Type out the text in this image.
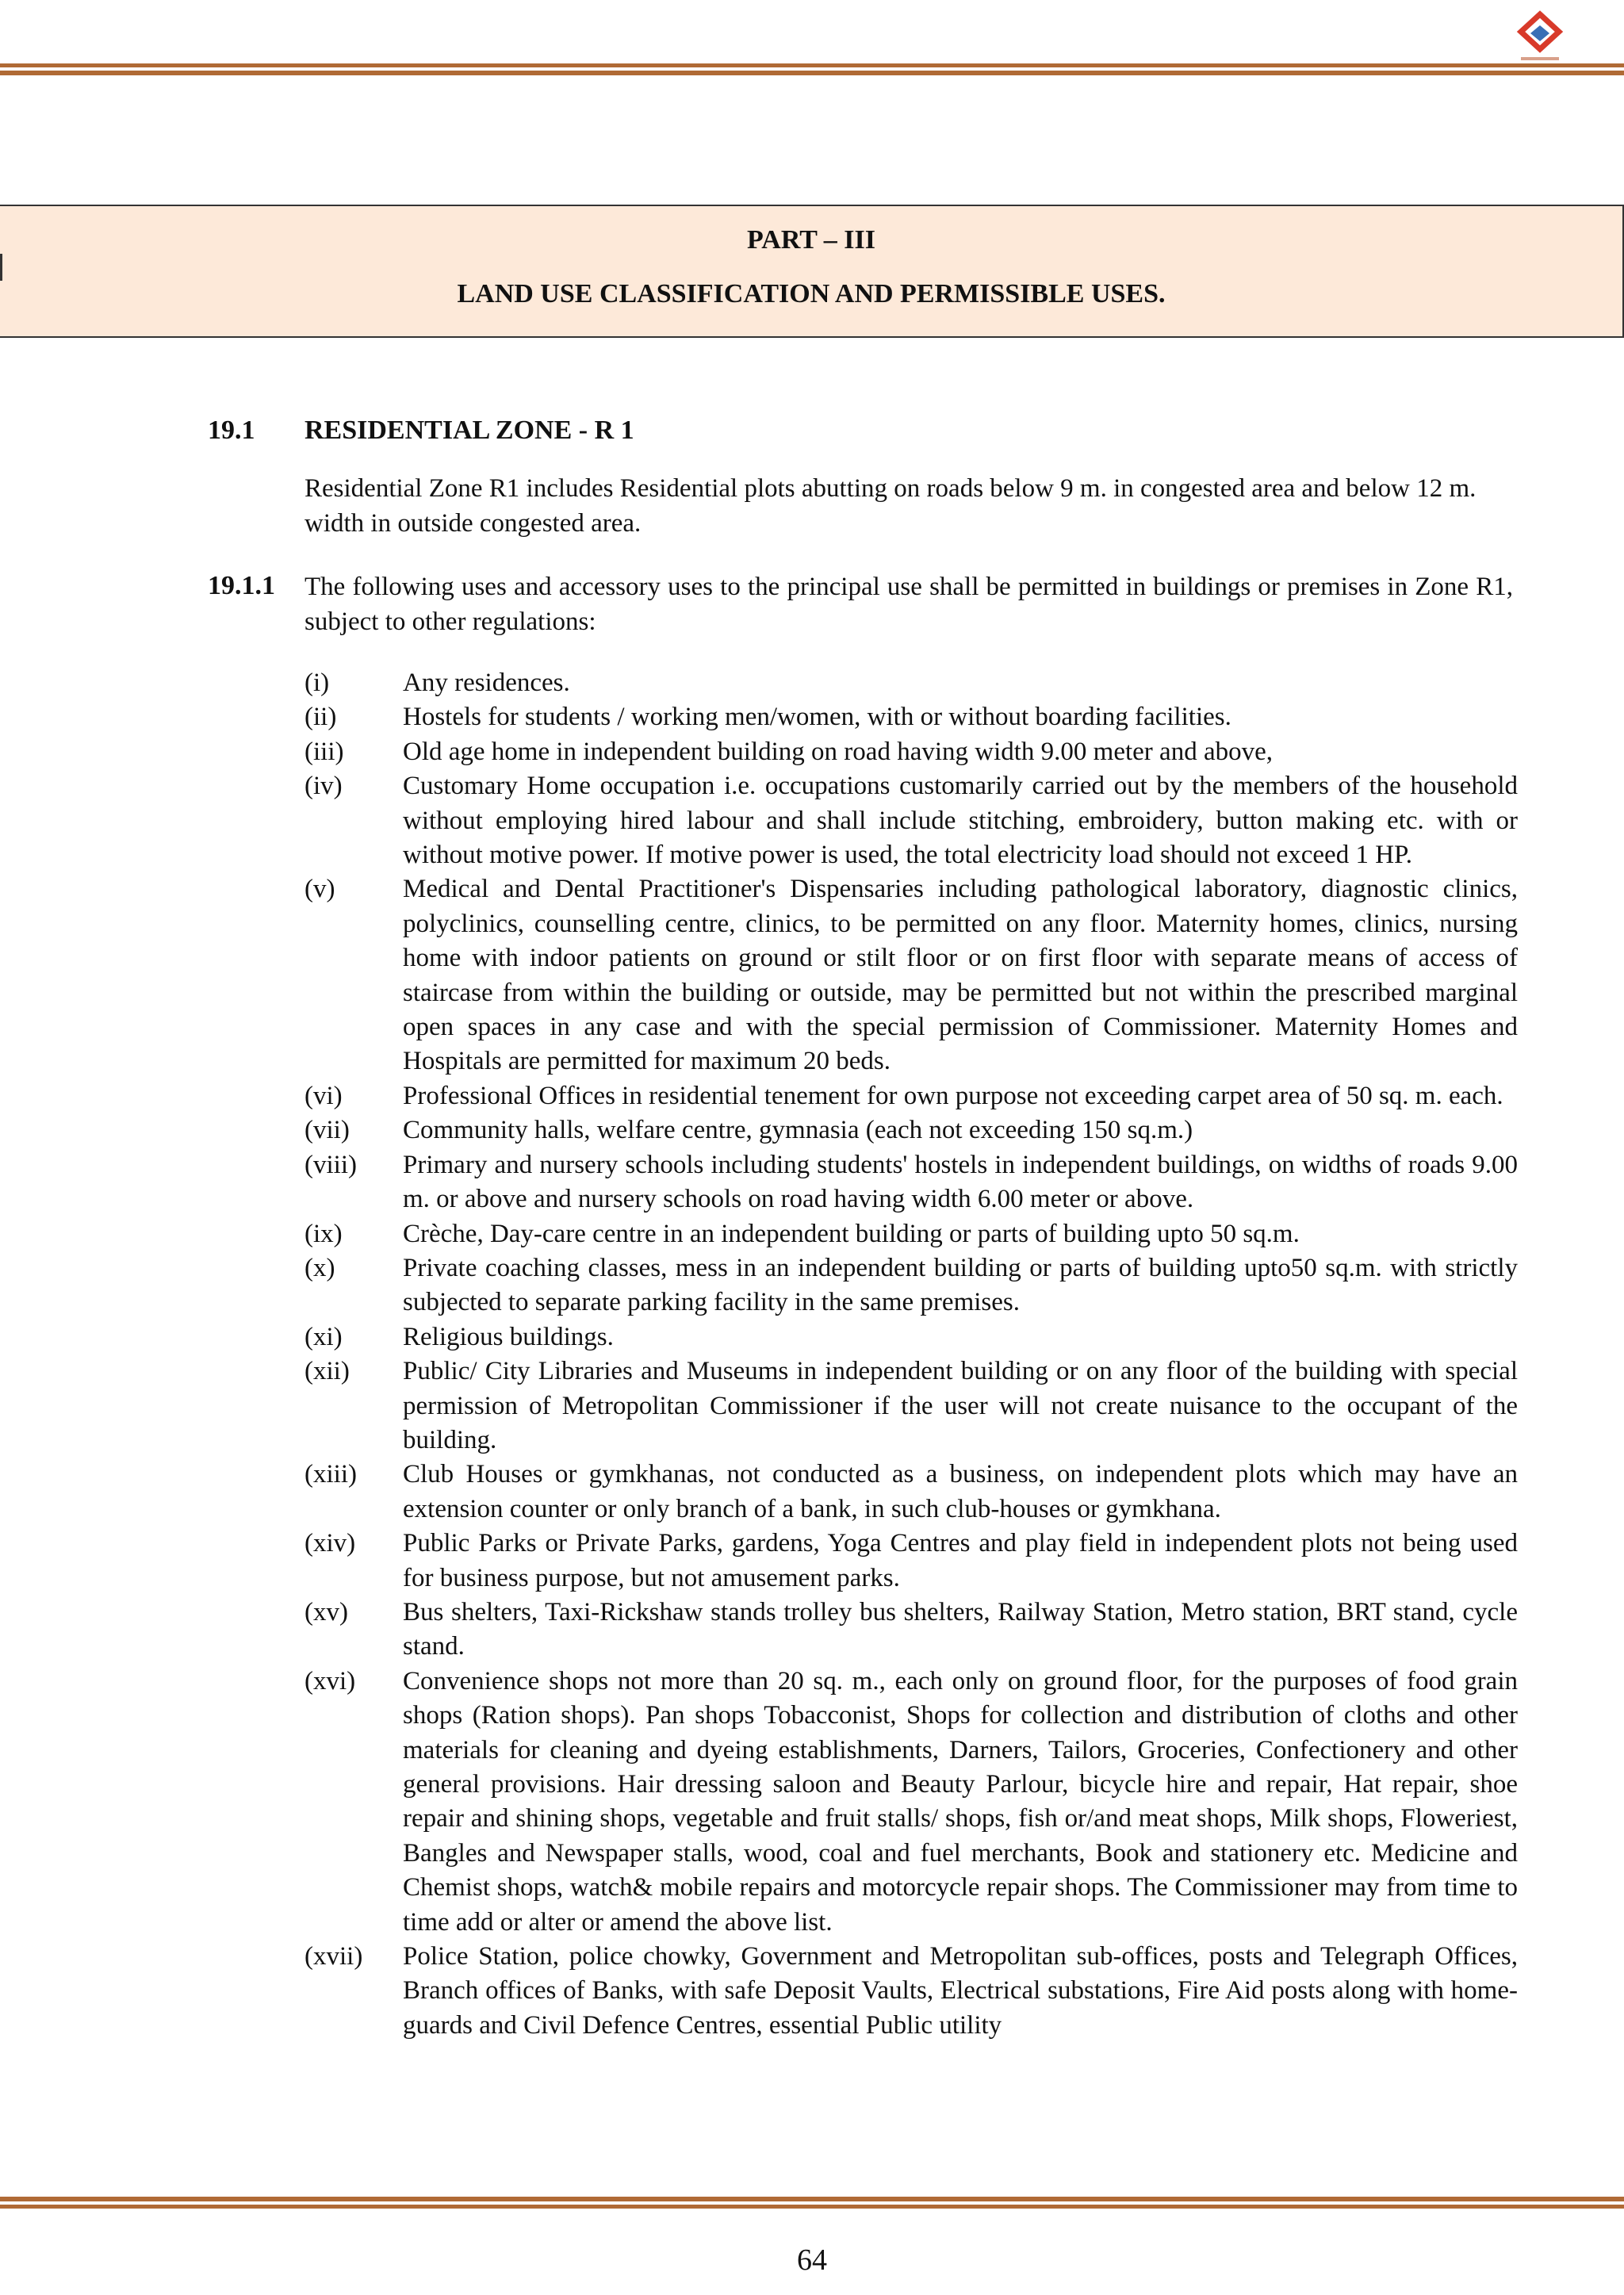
PART – III
LAND USE CLASSIFICATION AND PERMISSIBLE USES.
19.1 RESIDENTIAL ZONE - R 1
Residential Zone R1 includes Residential plots abutting on roads below 9 m. in congested area and below 12 m. width in outside congested area.
19.1.1 The following uses and accessory uses to the principal use shall be permitted in buildings or premises in Zone R1, subject to other regulations:
(i)	Any residences.
(ii)	Hostels for students / working men/women, with or without boarding facilities.
(iii)	Old age home in independent building on road having width 9.00 meter and above,
(iv)	Customary Home occupation i.e. occupations customarily carried out by the members of the household without employing hired labour and shall include stitching, embroidery, button making etc. with or without motive power. If motive power is used, the total electricity load should not exceed 1 HP.
(v)	Medical and Dental Practitioner's Dispensaries including pathological laboratory, diagnostic clinics, polyclinics, counselling centre, clinics, to be permitted on any floor. Maternity homes, clinics, nursing home with indoor patients on ground or stilt floor or on first floor with separate means of access of staircase from within the building or outside, may be permitted but not within the prescribed marginal open spaces in any case and with the special permission of Commissioner. Maternity Homes and Hospitals are permitted for maximum 20 beds.
(vi)	Professional Offices in residential tenement for own purpose not exceeding carpet area of 50 sq. m. each.
(vii)	Community halls, welfare centre, gymnasia (each not exceeding 150 sq.m.)
(viii)	Primary and nursery schools including students' hostels in independent buildings, on widths of roads 9.00 m. or above and nursery schools on road having width 6.00 meter or above.
(ix)	Crèche, Day-care centre in an independent building or parts of building upto 50 sq.m.
(x)	Private coaching classes, mess in an independent building or parts of building upto50 sq.m. with strictly subjected to separate parking facility in the same premises.
(xi)	Religious buildings.
(xii)	Public/ City Libraries and Museums in independent building or on any floor of the building with special permission of Metropolitan Commissioner if the user will not create nuisance to the occupant of the building.
(xiii)	Club Houses or gymkhanas, not conducted as a business, on independent plots which may have an extension counter or only branch of a bank, in such club-houses or gymkhana.
(xiv)	Public Parks or Private Parks, gardens, Yoga Centres and play field in independent plots not being used for business purpose, but not amusement parks.
(xv)	Bus shelters, Taxi-Rickshaw stands trolley bus shelters, Railway Station, Metro station, BRT stand, cycle stand.
(xvi)	Convenience shops not more than 20 sq. m., each only on ground floor, for the purposes of food grain shops (Ration shops). Pan shops Tobacconist, Shops for collection and distribution of cloths and other materials for cleaning and dyeing establishments, Darners, Tailors, Groceries, Confectionery and other general provisions. Hair dressing saloon and Beauty Parlour, bicycle hire and repair, Hat repair, shoe repair and shining shops, vegetable and fruit stalls/ shops, fish or/and meat shops, Milk shops, Floweriest, Bangles and Newspaper stalls, wood, coal and fuel merchants, Book and stationery etc. Medicine and Chemist shops, watch& mobile repairs and motorcycle repair shops. The Commissioner may from time to time add or alter or amend the above list.
(xvii)	Police Station, police chowky, Government and Metropolitan sub-offices, posts and Telegraph Offices, Branch offices of Banks, with safe Deposit Vaults, Electrical substations, Fire Aid posts along with home-guards and Civil Defence Centres, essential Public utility
64
